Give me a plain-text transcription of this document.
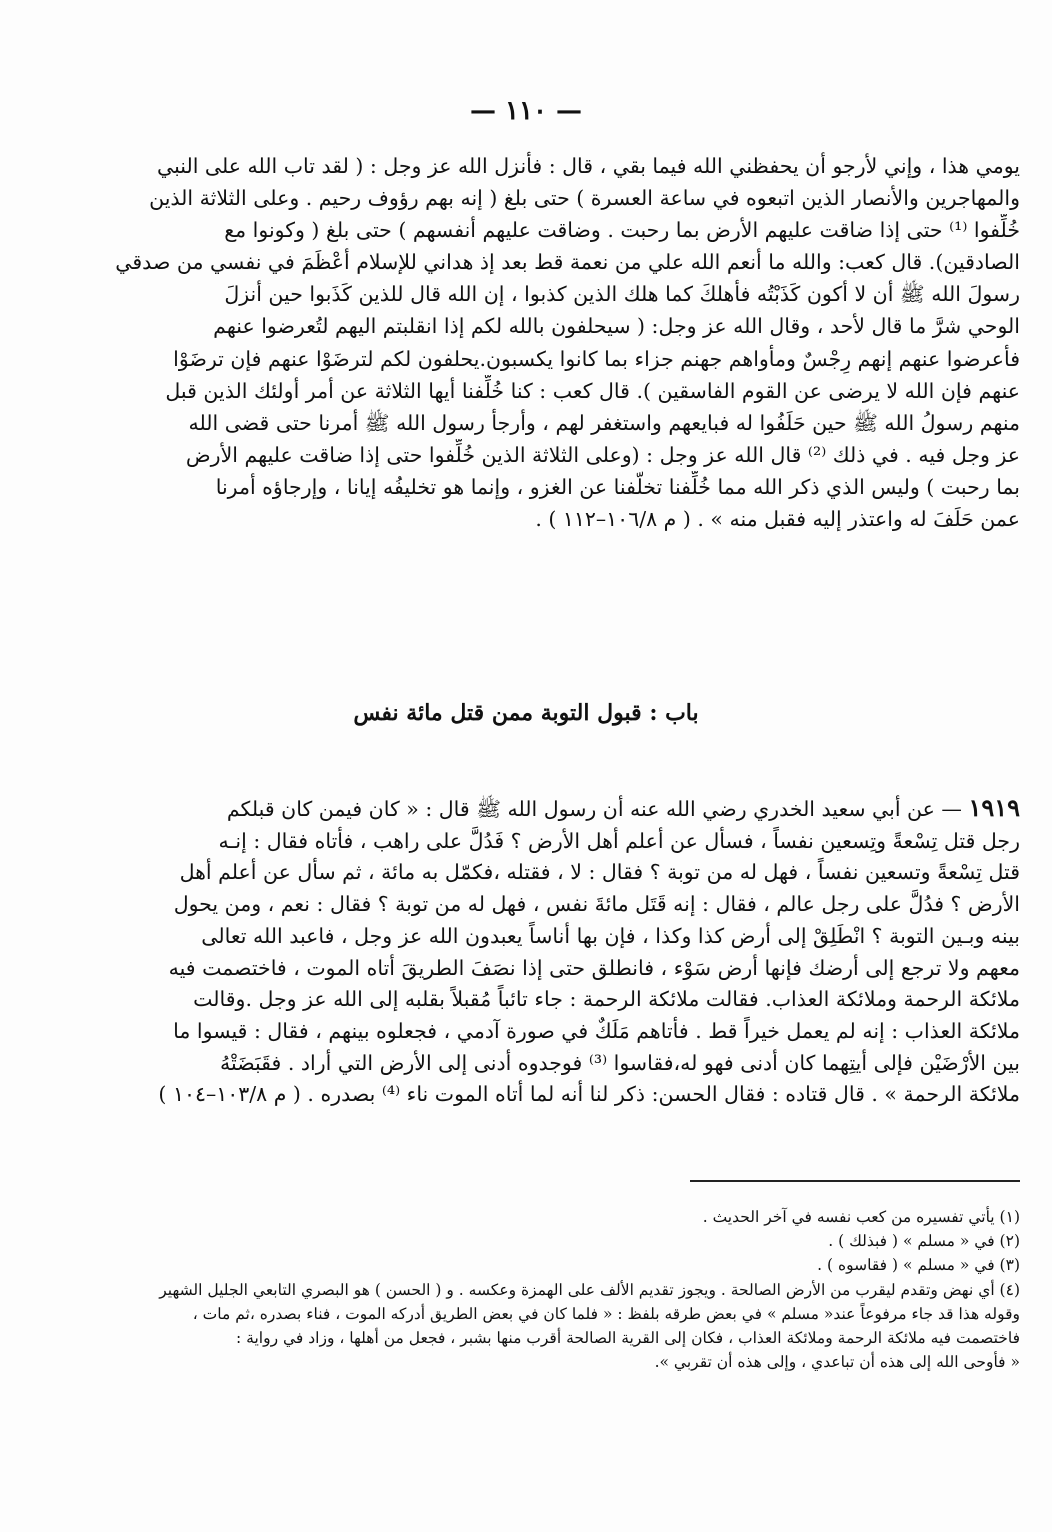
— ١١٠ —
يومي هذا ، وإني لأرجو أن يحفظني الله فيما بقي ، قال : فأنزل الله عز وجل : ( لقد تاب الله على النبي
والمهاجرين والأنصار الذين اتبعوه في ساعة العسرة ) حتى بلغ ( إنه بهم رؤوف رحيم . وعلى الثلاثة الذين
خُلِّفوا ⁽¹⁾ حتى إذا ضاقت عليهم الأرض بما رحبت . وضاقت عليهم أنفسهم ) حتى بلغ ( وكونوا مع
الصادقين). قال كعب: والله ما أنعم الله علي من نعمة قط بعد إذ هداني للإسلام أعْظَمَ في نفسي من صدقي
رسولَ الله ﷺ أن لا أكون كَذَبْتُه فأهلكَ كما هلك الذين كذبوا ، إن الله قال للذين كَذَبوا حين أنزلَ
الوحي شرَّ ما قال لأحد ، وقال الله عز وجل: ( سيحلفون بالله لكم إذا انقلبتم اليهم لتُعرضوا عنهم
فأعرضوا عنهم إنهم رِجْسٌ ومأواهم جهنم جزاء بما كانوا يكسبون.يحلفون لكم لترضَوْا عنهم فإن ترضَوْا
عنهم فإن الله لا يرضى عن القوم الفاسقين ). قال كعب : كنا خُلِّفنا أيها الثلاثة عن أمر أولئك الذين قبل
منهم رسولُ الله ﷺ حين حَلَفُوا له فبايعهم واستغفر لهم ، وأرجأ رسول الله ﷺ أمرنا حتى قضى الله
عز وجل فيه . في ذلك ⁽²⁾ قال الله عز وجل : (وعلى الثلاثة الذين خُلِّفوا حتى إذا ضاقت عليهم الأرض
بما رحبت ) وليس الذي ذكر الله مما خُلِّفنا تخلّفنا عن الغزو ، وإنما هو تخليفُه إيانا ، وإرجاؤه أمرنا
عمن حَلَفَ له واعتذر إليه فقبل منه » . ( م ١٠٦/٨–١١٢ ) .
باب : قبول التوبة ممن قتل مائة نفس
١٩١٩ — عن أبي سعيد الخدري رضي الله عنه أن رسول الله ﷺ قال : « كان فيمن كان قبلكم
رجل قتل تِسْعةً وتِسعين نفساً ، فسأل عن أعلم أهل الأرض ؟ فَدُلَّ على راهب ، فأتاه فقال : إنـه
قتل تِسْعةً وتسعين نفساً ، فهل له من توبة ؟ فقال : لا ، فقتله ،فكمّل به مائة ، ثم سأل عن أعلم أهل
الأرض ؟ فدُلَّ على رجل عالم ، فقال : إنه قَتَل مائةَ نفس ، فهل له من توبة ؟ فقال : نعم ، ومن يحول
بينه وبـين التوبة ؟ انْطَلِقْ إلى أرض كذا وكذا ، فإن بها أناساً يعبدون الله عز وجل ، فاعبد الله تعالى
معهم ولا ترجع إلى أرضك فإنها أرض سَوْء ، فانطلق حتى إذا نصَفَ الطريقَ أتاه الموت ، فاختصمت فيه
ملائكة الرحمة وملائكة العذاب. فقالت ملائكة الرحمة : جاء تائباً مُقبلاً بقلبه إلى الله عز وجل .وقالت
ملائكة العذاب : إنه لم يعمل خيراً قط . فأتاهم مَلَكٌ في صورة آدمي ، فجعلوه بينهم ، فقال : قيسوا ما
بين الأرْضَيْن فإلى أيتِهما كان أدنى فهو له،فقاسوا ⁽³⁾ فوجدوه أدنى إلى الأرض التي أراد . فقَبَضَتْهُ
ملائكة الرحمة » . قال قتاده : فقال الحسن: ذكر لنا أنه لما أتاه الموت ناء ⁽⁴⁾ بصدره . ( م ١٠٣/٨–١٠٤ )
(١) يأتي تفسيره من كعب نفسه في آخر الحديث .
(٢) في « مسلم » ( فبذلك ) .
(٣) في « مسلم » ( فقاسوه ) .
(٤) أي نهض وتقدم ليقرب من الأرض الصالحة . ويجوز تقديم الألف على الهمزة وعكسه . و ( الحسن ) هو البصري التابعي الجليل الشهير
وقوله هذا قد جاء مرفوعاً عند« مسلم » في بعض طرقه بلفظ : « فلما كان في بعض الطريق أدركه الموت ، فناء بصدره ،ثم مات ،
فاختصمت فيه ملائكة الرحمة وملائكة العذاب ، فكان إلى القرية الصالحة أقرب منها بشبر ، فجعل من أهلها ، وزاد في رواية :
« فأوحى الله إلى هذه أن تباعدي ، وإلى هذه أن تقربي ».
